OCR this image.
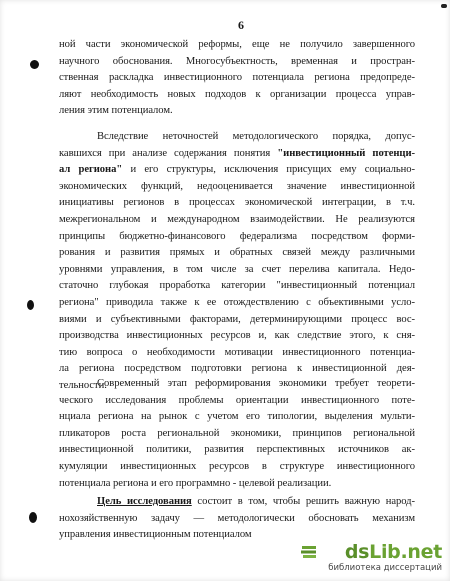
6
ной части экономической реформы, еще не получило завершенного
научного обоснования. Многосубъектность, временная и простран-
ственная раскладка инвестиционного потенциала региона предопреде-
ляют необходимость новых подходов к организации процесса управ-
ления этим потенциалом.
Вследствие неточностей методологического порядка, допус-
кавшихся при анализе содержания понятия "инвестиционный потенци-
ал региона" и его структуры, исключения присущих ему социально-
экономических функций, недооценивается значение инвестиционной
инициативы регионов в процессах экономической интеграции, в т.ч.
межрегиональном и международном взаимодействии. Не реализуются
принципы бюджетно-финансового федерализма посредством форми-
рования и развития прямых и обратных связей между различными
уровнями управления, в том числе за счет перелива капитала. Недо-
статочно глубокая проработка категории "инвестиционный потенциал
региона" приводила также к ее отождествлению с объективными усло-
виями и субъективными факторами, детерминирующими процесс вос-
производства инвестиционных ресурсов и, как следствие этого, к сня-
тию вопроса о необходимости мотивации инвестиционного потенциа-
ла региона посредством подготовки региона к инвестиционной дея-
тельности.
Современный этап реформирования экономики требует теорети-
ческого исследования проблемы ориентации инвестиционного поте-
нциала региона на рынок с учетом его типологии, выделения мульти-
пликаторов роста региональной экономики, принципов региональной
инвестиционной политики, развития перспективных источников ак-
кумуляции инвестиционных ресурсов в структуре инвестиционного
потенциала региона и его программно - целевой реализации.
Цель исследования состоит в том, чтобы решить важную народ-
нохозяйственную задачу — методологически обосновать механизм
управления инвестиционным потенциалом
dsLib.net
библиотека диссертаций
